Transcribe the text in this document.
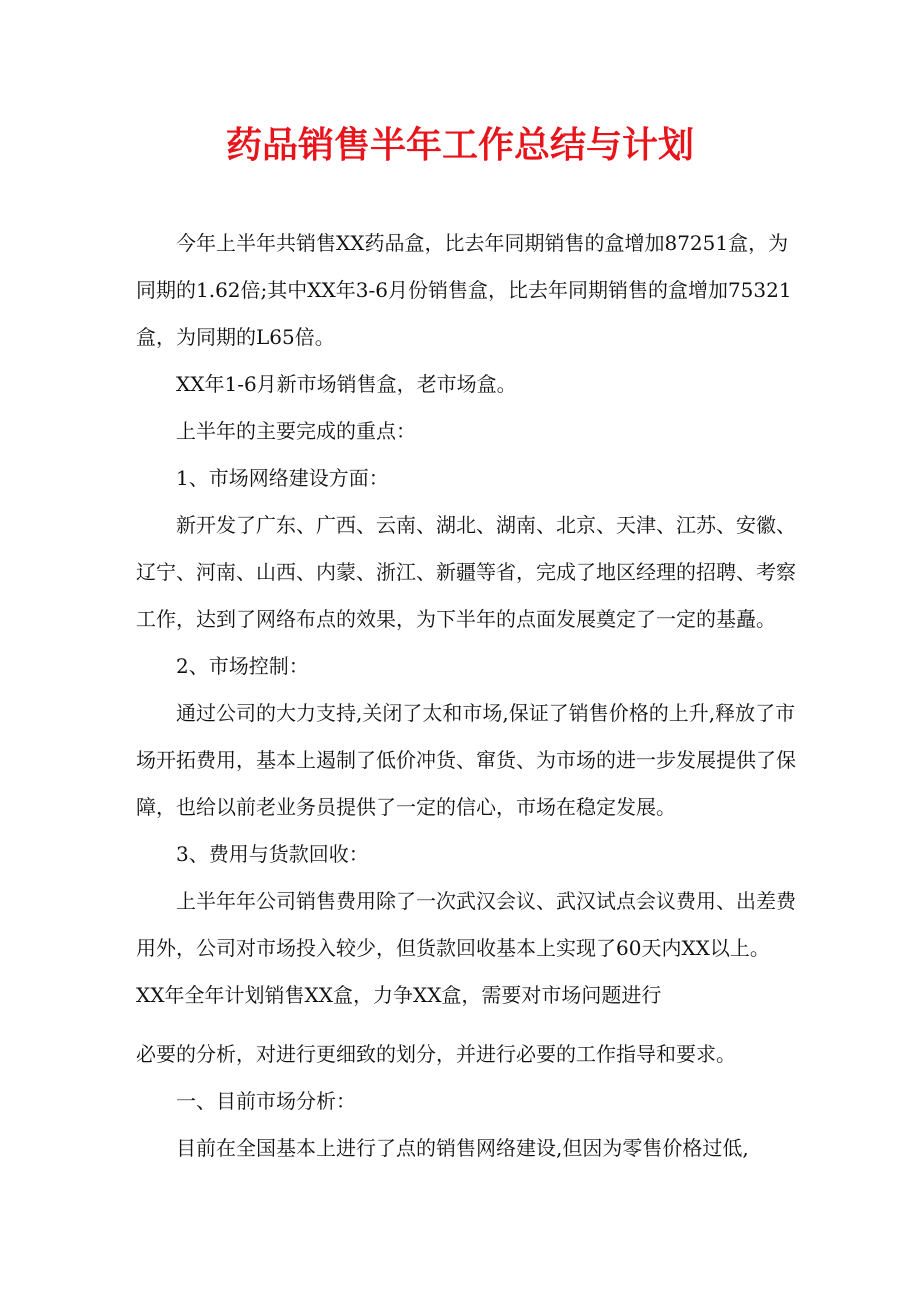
药品销售半年工作总结与计划

今年上半年共销售XX药品盒，比去年同期销售的盒增加87251盒，为同期的1.62倍;其中XX年3-6月份销售盒，比去年同期销售的盒增加75321盒，为同期的L65倍。

XX年1-6月新市场销售盒，老市场盒。

上半年的主要完成的重点：

1、市场网络建设方面：

新开发了广东、广西、云南、湖北、湖南、北京、天津、江苏、安徽、辽宁、河南、山西、内蒙、浙江、新疆等省，完成了地区经理的招聘、考察工作，达到了网络布点的效果，为下半年的点面发展奠定了一定的基矗。

2、市场控制：

通过公司的大力支持,关闭了太和市场,保证了销售价格的上升,释放了市场开拓费用，基本上遏制了低价冲货、窜货、为市场的进一步发展提供了保障，也给以前老业务员提供了一定的信心，市场在稳定发展。

3、费用与货款回收：

上半年年公司销售费用除了一次武汉会议、武汉试点会议费用、出差费用外，公司对市场投入较少，但货款回收基本上实现了60天内XX以上。

XX年全年计划销售XX盒，力争XX盒，需要对市场问题进行

必要的分析，对进行更细致的划分，并进行必要的工作指导和要求。

一、目前市场分析：

目前在全国基本上进行了点的销售网络建设,但因为零售价格过低,
